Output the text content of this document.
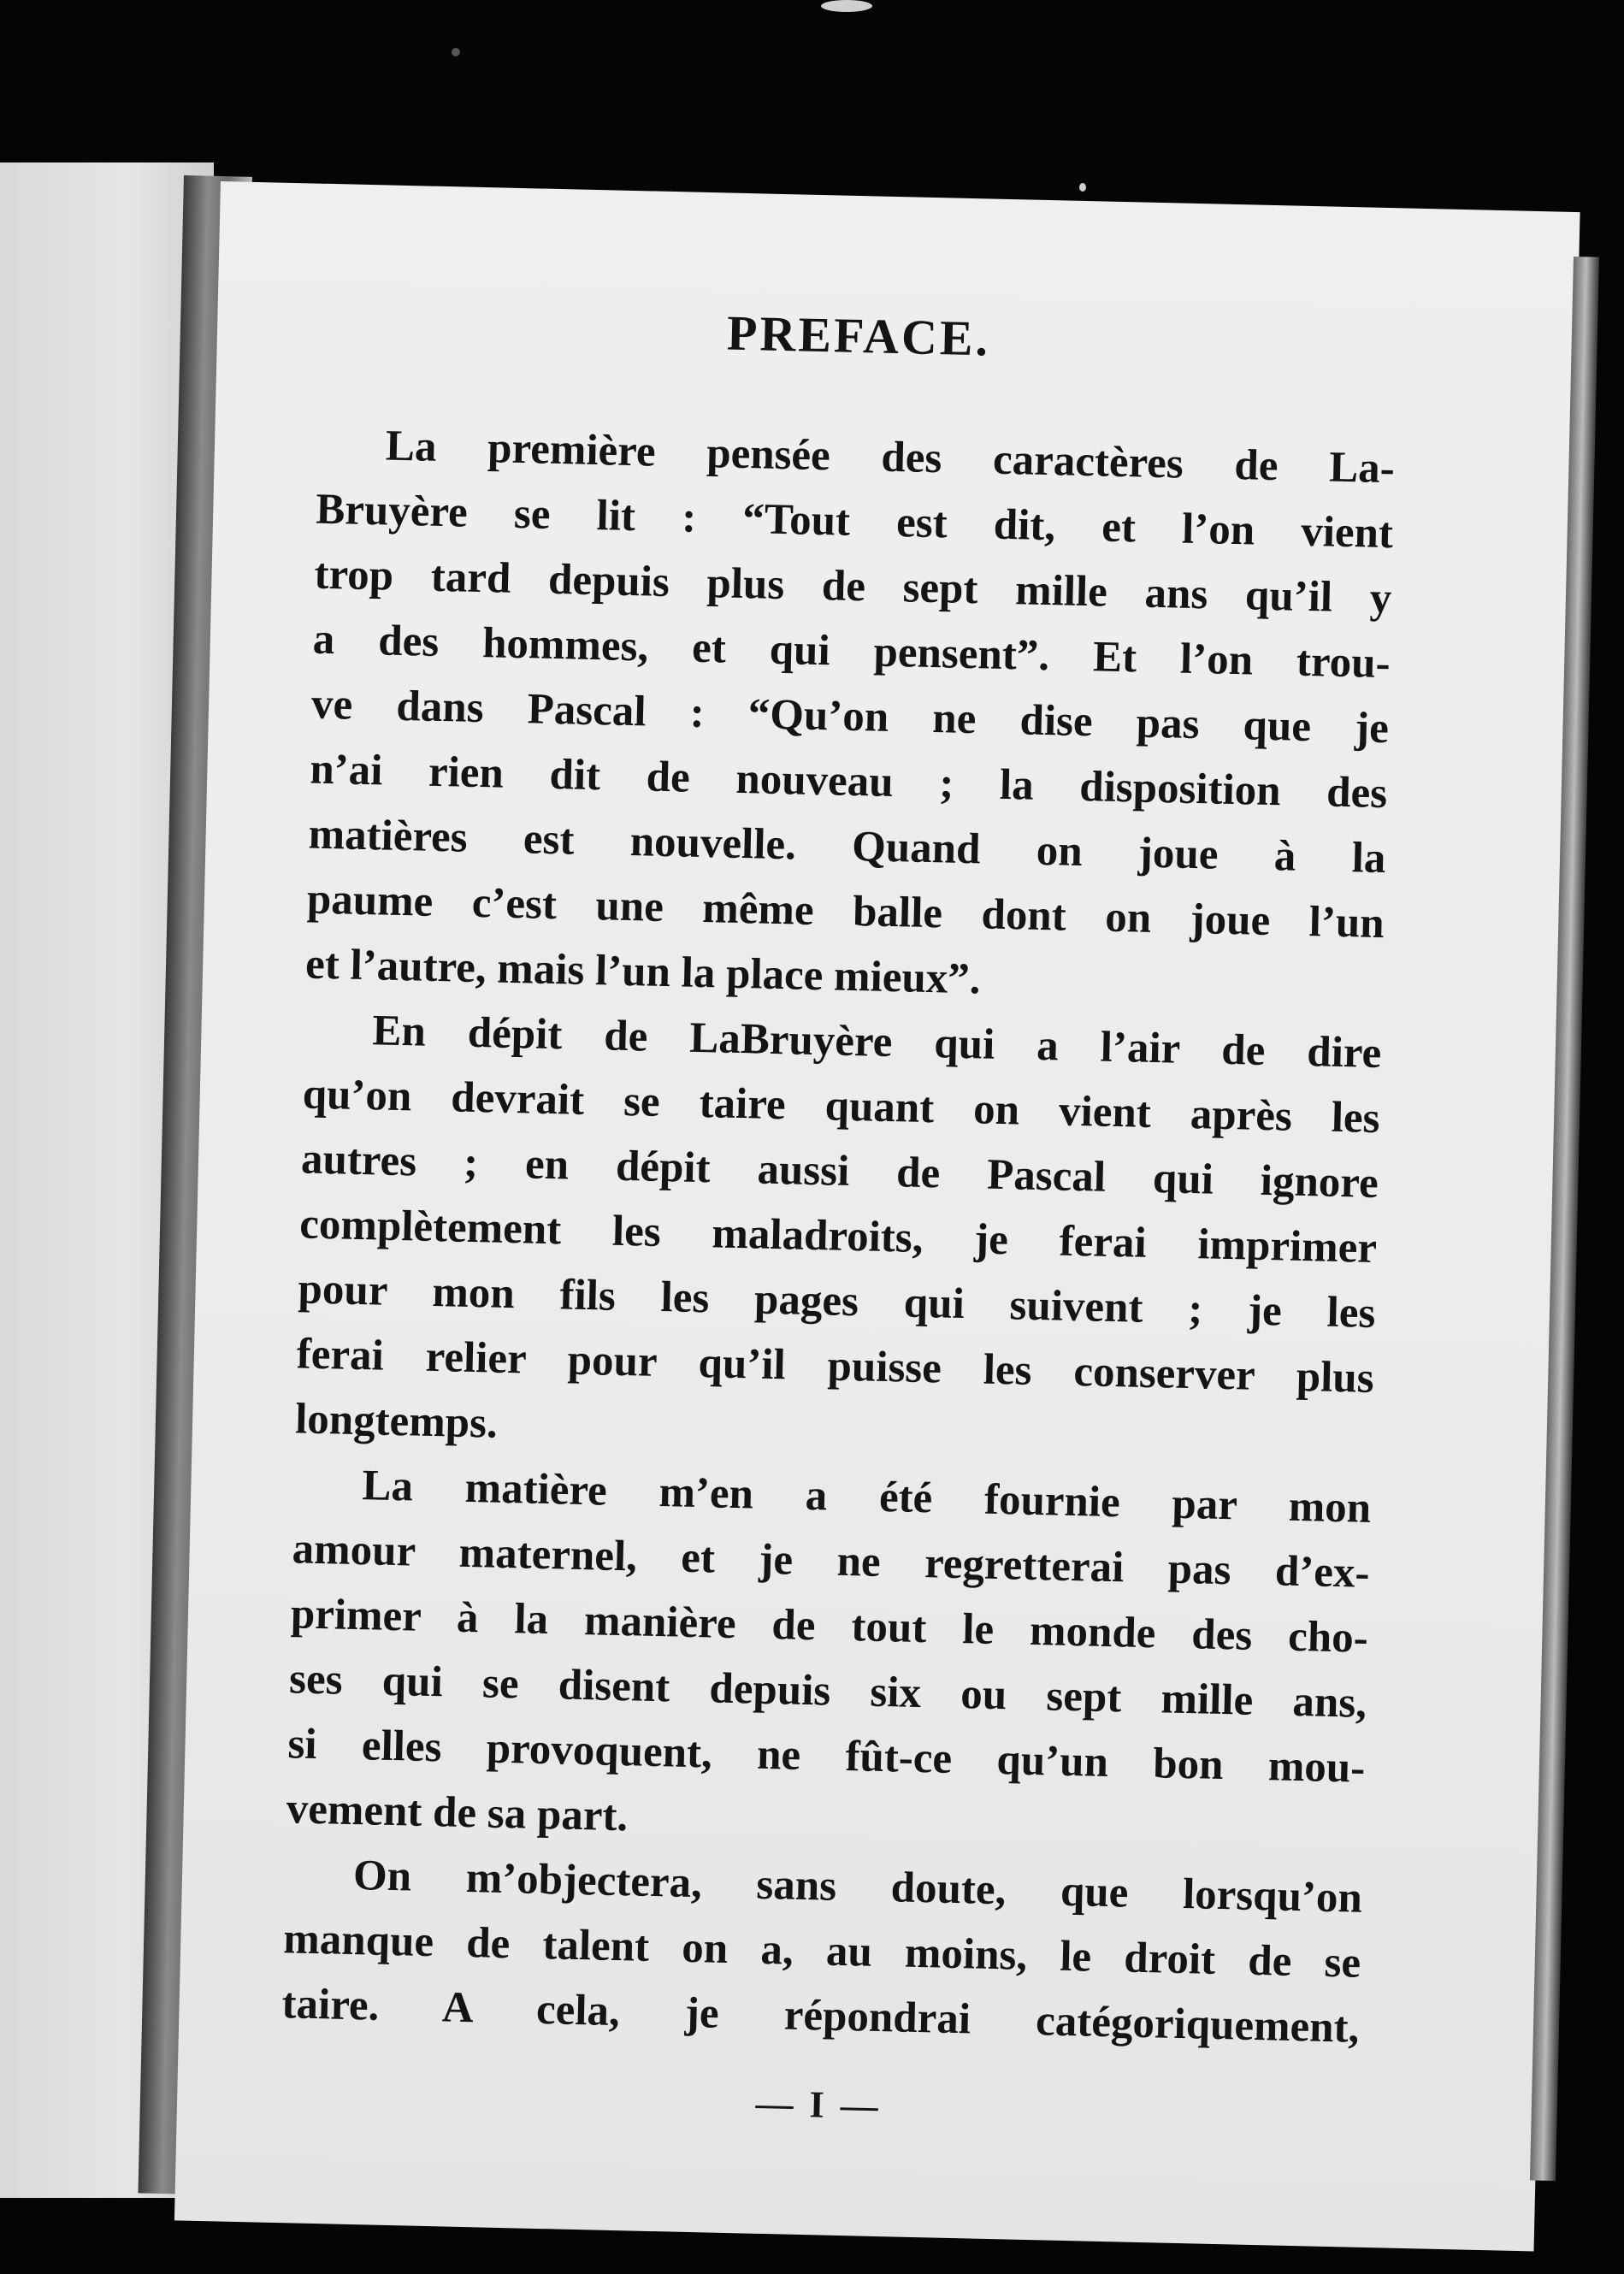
PREFACE.
La première pensée des caractères de La-
Bruyère se lit : “Tout est dit, et l’on vient
trop tard depuis plus de sept mille ans qu’il y
a des hommes, et qui pensent”. Et l’on trou-
ve dans Pascal : “Qu’on ne dise pas que je
n’ai rien dit de nouveau ; la disposition des
matières est nouvelle. Quand on joue à la
paume c’est une même balle dont on joue l’un
et l’autre, mais l’un la place mieux”.
En dépit de LaBruyère qui a l’air de dire
qu’on devrait se taire quant on vient après les
autres ; en dépit aussi de Pascal qui ignore
complètement les maladroits, je ferai imprimer
pour mon fils les pages qui suivent ; je les
ferai relier pour qu’il puisse les conserver plus
longtemps.
La matière m’en a été fournie par mon
amour maternel, et je ne regretterai pas d’ex-
primer à la manière de tout le monde des cho-
ses qui se disent depuis six ou sept mille ans,
si elles provoquent, ne fût-ce qu’un bon mou-
vement de sa part.
On m’objectera, sans doute, que lorsqu’on
manque de talent on a, au moins, le droit de se
taire. A cela, je répondrai catégoriquement,
— I —
